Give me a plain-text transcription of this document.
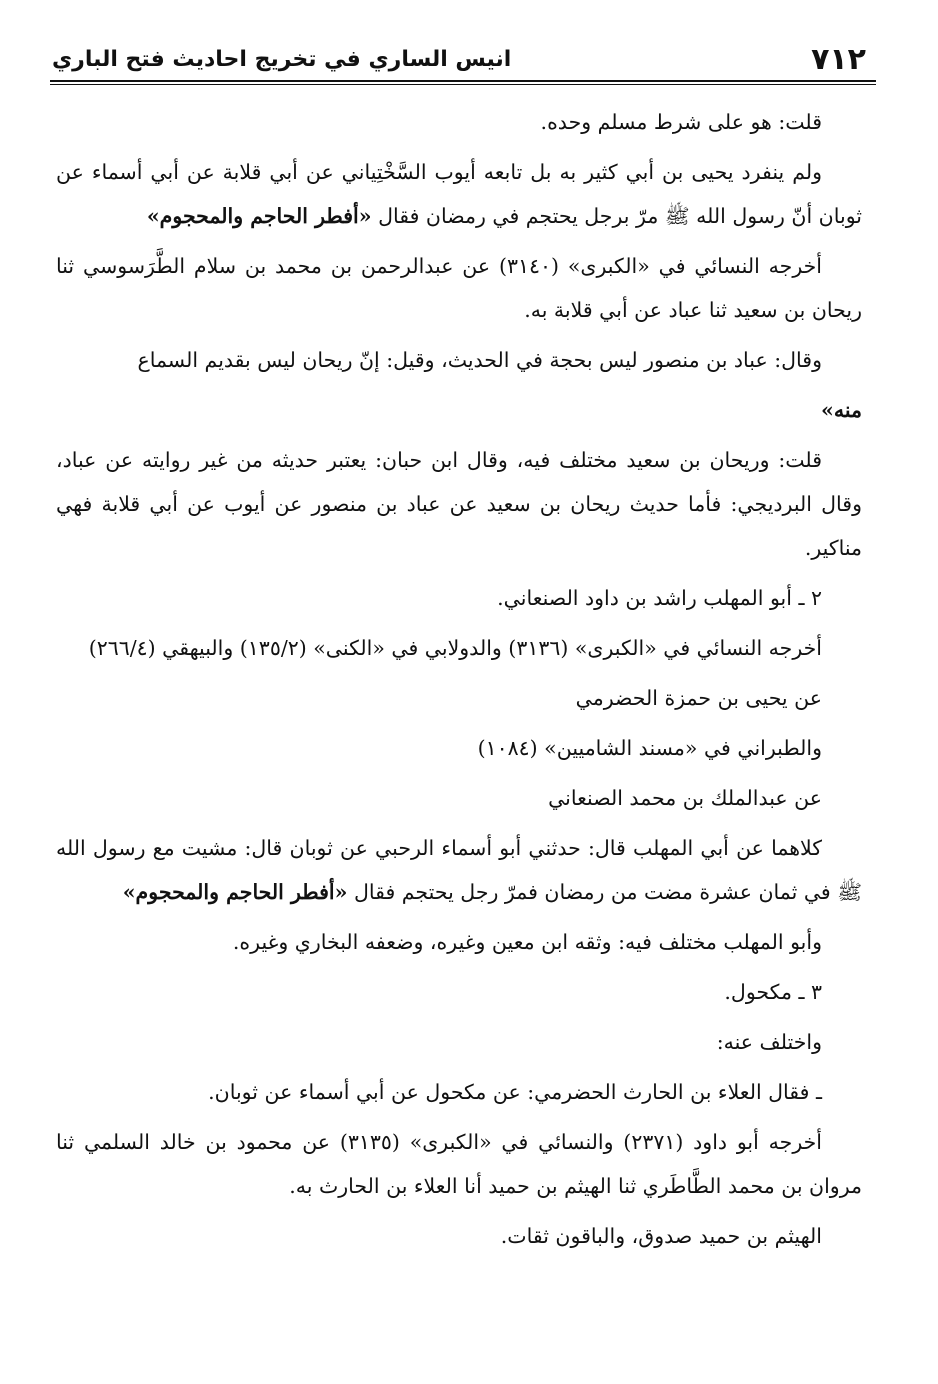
٧١٢
انيس الساري في تخريج احاديث فتح الباري

قلت: هو على شرط مسلم وحده.

ولم ينفرد يحيى بن أبي كثير به بل تابعه أيوب السَّخْتِياني عن أبي قلابة عن أبي أسماء عن ثوبان أنّ رسول الله ﷺ مرّ برجل يحتجم في رمضان فقال «أفطر الحاجم والمحجوم»

أخرجه النسائي في «الكبرى» (٣١٤٠) عن عبدالرحمن بن محمد بن سلام الطَّرَسوسي ثنا ريحان بن سعيد ثنا عباد عن أبي قلابة به.

وقال: عباد بن منصور ليس بحجة في الحديث، وقيل: إنّ ريحان ليس بقديم السماع

منه»

قلت: وريحان بن سعيد مختلف فيه، وقال ابن حبان: يعتبر حديثه من غير روايته عن عباد، وقال البرديجي: فأما حديث ريحان بن سعيد عن عباد بن منصور عن أيوب عن أبي قلابة فهي مناكير.

٢ ـ أبو المهلب راشد بن داود الصنعاني.

أخرجه النسائي في «الكبرى» (٣١٣٦) والدولابي في «الكنى» (١٣٥/٢) والبيهقي (٢٦٦/٤)

عن يحيى بن حمزة الحضرمي

والطبراني في «مسند الشاميين» (١٠٨٤)

عن عبدالملك بن محمد الصنعاني

كلاهما عن أبي المهلب قال: حدثني أبو أسماء الرحبي عن ثوبان قال: مشيت مع رسول الله ﷺ في ثمان عشرة مضت من رمضان فمرّ رجل يحتجم فقال «أفطر الحاجم والمحجوم»

وأبو المهلب مختلف فيه: وثقه ابن معين وغيره، وضعفه البخاري وغيره.

٣ ـ مكحول.

واختلف عنه:

ـ فقال العلاء بن الحارث الحضرمي: عن مكحول عن أبي أسماء عن ثوبان.

أخرجه أبو داود (٢٣٧١) والنسائي في «الكبرى» (٣١٣٥) عن محمود بن خالد السلمي ثنا مروان بن محمد الطَّاطَري ثنا الهيثم بن حميد أنا العلاء بن الحارث به.

الهيثم بن حميد صدوق، والباقون ثقات.
